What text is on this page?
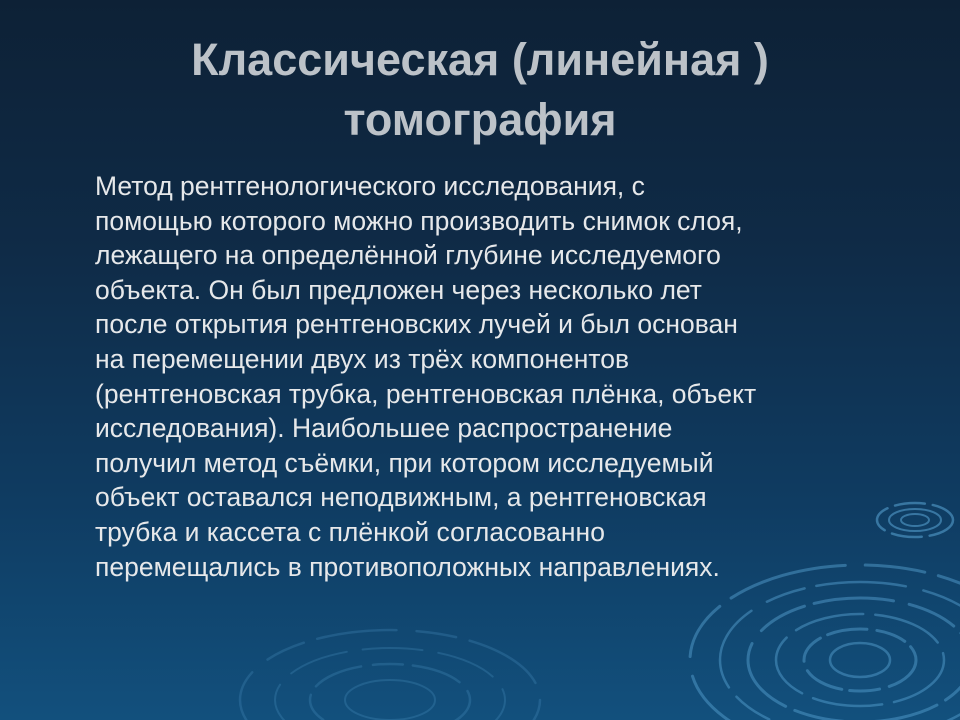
Классическая (линейная )
томография
Метод рентгенологического исследования, с
помощью которого можно производить снимок слоя,
лежащего на определённой глубине исследуемого
объекта. Он был предложен через несколько лет
после открытия рентгеновских лучей и был основан
на перемещении двух из трёх компонентов
(рентгеновская трубка, рентгеновская плёнка, объект
исследования). Наибольшее распространение
получил метод съёмки, при котором исследуемый
объект оставался неподвижным, а рентгеновская
трубка и кассета с плёнкой согласованно
перемещались в противоположных направлениях.
